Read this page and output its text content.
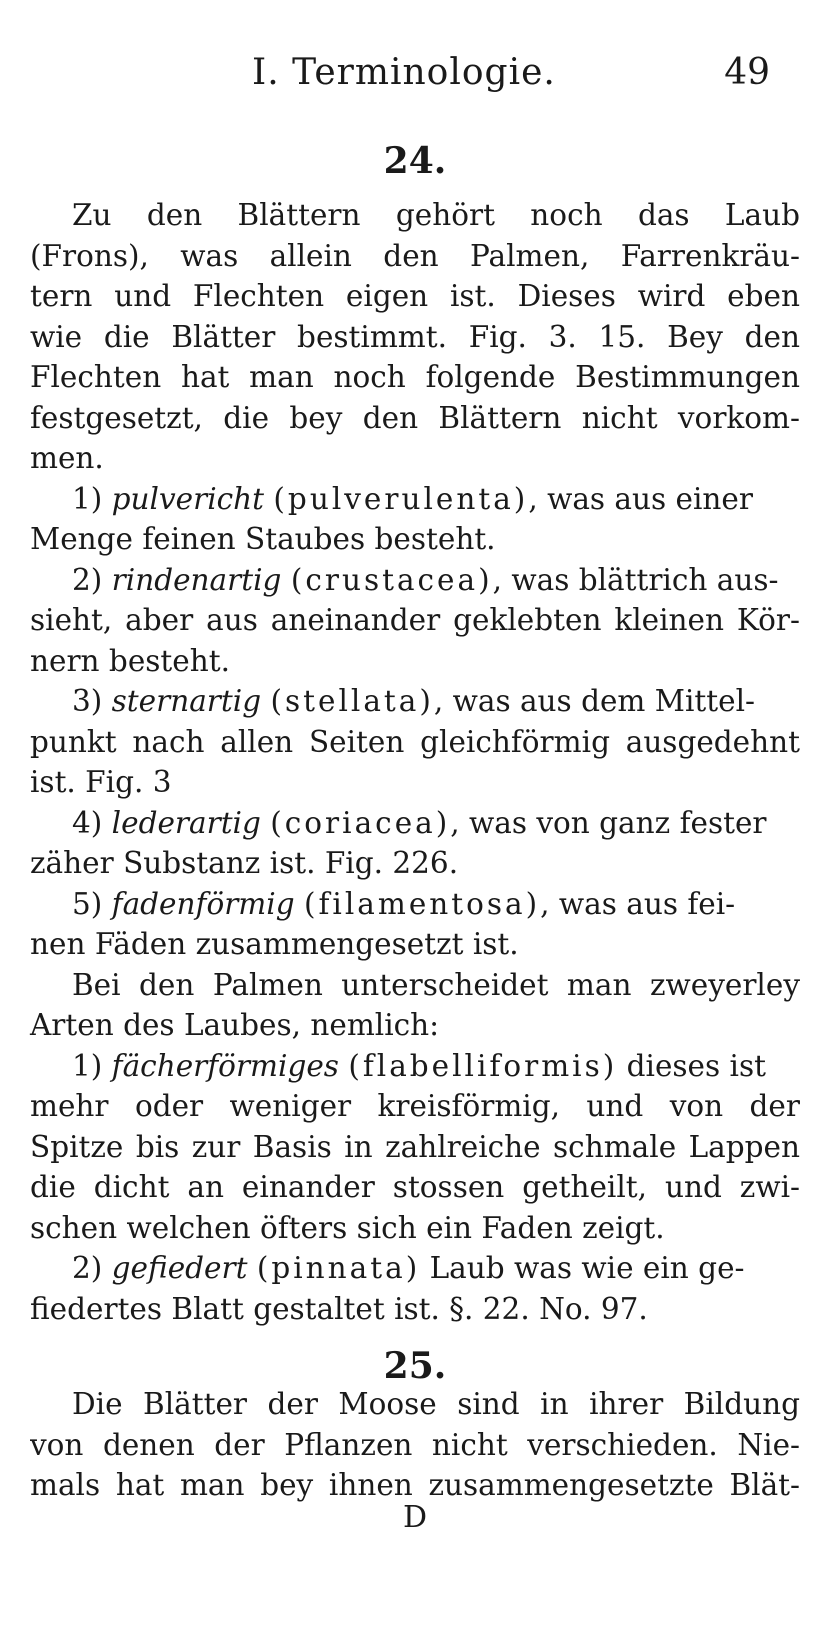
I. Terminologie.	49
24.
Zu den Blättern gehört noch das Laub
(Frons), was allein den Palmen, Farrenkräu-
tern und Flechten eigen ist. Dieses wird eben
wie die Blätter bestimmt. Fig. 3. 15. Bey den
Flechten hat man noch folgende Bestimmungen
festgesetzt, die bey den Blättern nicht vorkom-
men.
1) pulvericht (pulverulenta), was aus einer
Menge feinen Staubes besteht.
2) rindenartig (crustacea), was blättrich aus-
sieht, aber aus aneinander geklebten kleinen Kör-
nern besteht.
3) sternartig (stellata), was aus dem Mittel-
punkt nach allen Seiten gleichförmig ausgedehnt
ist. Fig. 3
4) lederartig (coriacea), was von ganz fester
zäher Substanz ist. Fig. 226.
5) fadenförmig (filamentosa), was aus fei-
nen Fäden zusammengesetzt ist.
Bei den Palmen unterscheidet man zweyerley
Arten des Laubes, nemlich:
1) fächerförmiges (flabelliformis) dieses ist
mehr oder weniger kreisförmig, und von der
Spitze bis zur Basis in zahlreiche schmale Lappen
die dicht an einander stossen getheilt, und zwi-
schen welchen öfters sich ein Faden zeigt.
2) gefiedert (pinnata) Laub was wie ein ge-
fiedertes Blatt gestaltet ist. §. 22. No. 97.
25.
Die Blätter der Moose sind in ihrer Bildung
von denen der Pflanzen nicht verschieden. Nie-
mals hat man bey ihnen zusammengesetzte Blät-
D
